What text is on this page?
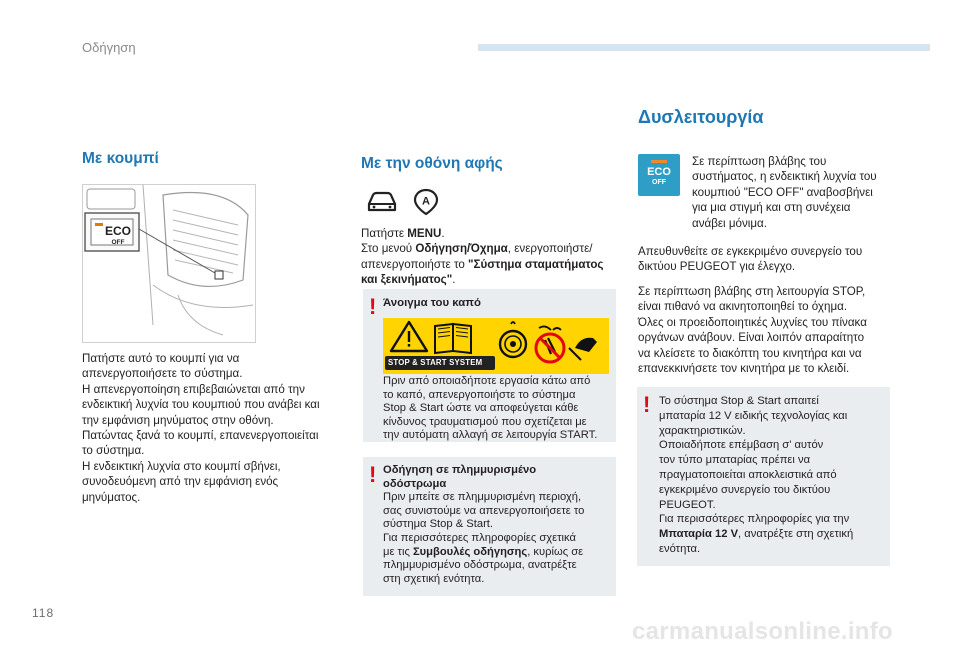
Οδήγηση
Με κουμπί
ECO
OFF
Πατήστε αυτό το κουμπί για να
απενεργοποιήσετε το σύστημα.
Η απενεργοποίηση επιβεβαιώνεται από την
ενδεικτική λυχνία του κουμπιού που ανάβει και
την εμφάνιση μηνύματος στην οθόνη.
Πατώντας ξανά το κουμπί, επανενεργοποιείται
το σύστημα.
Η ενδεικτική λυχνία στο κουμπί σβήνει,
συνοδευόμενη από την εμφάνιση ενός
μηνύματος.
Με την οθόνη αφής
A
Πατήστε MENU.
Στο μενού Οδήγηση/Όχημα, ενεργοποιήστε/
απενεργοποιήστε το "Σύστημα σταματήματος
και ξεκινήματος".
! Άνοιγμα του καπό
STOP & START SYSTEM
Πριν από οποιαδήποτε εργασία κάτω από
το καπό, απενεργοποιήστε το σύστημα
Stop & Start ώστε να αποφεύγεται κάθε
κίνδυνος τραυματισμού που σχετίζεται με
την αυτόματη αλλαγή σε λειτουργία START.
! Οδήγηση σε πλημμυρισμένο
οδόστρωμα
Πριν μπείτε σε πλημμυρισμένη περιοχή,
σας συνιστούμε να απενεργοποιήσετε το
σύστημα Stop & Start.
Για περισσότερες πληροφορίες σχετικά
με τις Συμβουλές οδήγησης, κυρίως σε
πλημμυρισμένο οδόστρωμα, ανατρέξτε
στη σχετική ενότητα.
Δυσλειτουργία
ECO
OFF
Σε περίπτωση βλάβης του
συστήματος, η ενδεικτική λυχνία του
κουμπιού "ECO OFF" αναβοσβήνει
για μια στιγμή και στη συνέχεια
ανάβει μόνιμα.
Απευθυνθείτε σε εγκεκριμένο συνεργείο του
δικτύου PEUGEOT για έλεγχο.
Σε περίπτωση βλάβης στη λειτουργία STOP,
είναι πιθανό να ακινητοποιηθεί το όχημα.
Όλες οι προειδοποιητικές λυχνίες του πίνακα
οργάνων ανάβουν. Είναι λοιπόν απαραίτητο
να κλείσετε το διακόπτη του κινητήρα και να
επανεκκινήσετε τον κινητήρα με το κλειδί.
! Το σύστημα Stop & Start απαιτεί
μπαταρία 12 V ειδικής τεχνολογίας και
χαρακτηριστικών.
Οποιαδήποτε επέμβαση σ' αυτόν
τον τύπο μπαταρίας πρέπει να
πραγματοποιείται αποκλειστικά από
εγκεκριμένο συνεργείο του δικτύου
PEUGEOT.
Για περισσότερες πληροφορίες για την
Μπαταρία 12 V, ανατρέξτε στη σχετική
ενότητα.
118
carmanualsonline.info
